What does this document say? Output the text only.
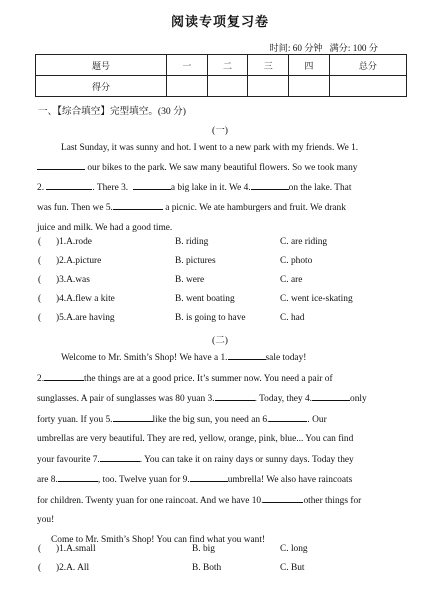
阅读专项复习卷
时间: 60 分钟 满分: 100 分
题号	一	二	三	四	总分
得分					
一、【综合填空】完型填空。(30 分)
(一)
Last Sunday, it was sunny and hot. I went to a new park with my friends. We 1.
our bikes to the park. We saw many beautiful flowers. So we took many
2.	. There 3.	a big lake in it. We 4.	on the lake. That
was fun. Then we 5.	a picnic. We ate hamburgers and fruit. We drank
juice and milk. We had a good time.
( )1.A.rode	B. riding	C. are riding
( )2.A.picture	B. pictures	C. photo
( )3.A.was	B. were	C. are
( )4.A.flew a kite	B. went boating	C. went ice-skating
( )5.A.are having	B. is going to have	C. had
(二)
Welcome to Mr. Smith’s Shop! We have a 1.	sale today!
2.	the things are at a good price. It’s summer now. You need a pair of
sunglasses. A pair of sunglasses was 80 yuan 3.	. Today, they 4.	only
forty yuan. If you 5.	like the big sun, you need an 6.	. Our
umbrellas are very beautiful. They are red, yellow, orange, pink, blue... You can find
your favourite 7.	. You can take it on rainy days or sunny days. Today they
are 8.	, too. Twelve yuan for 9.	umbrella! We also have raincoats
for children. Twenty yuan for one raincoat. And we have 10.	other things for
you!
Come to Mr. Smith’s Shop! You can find what you want!
( )1.A.small	B. big	C. long
( )2.A. All	B. Both	C. But
